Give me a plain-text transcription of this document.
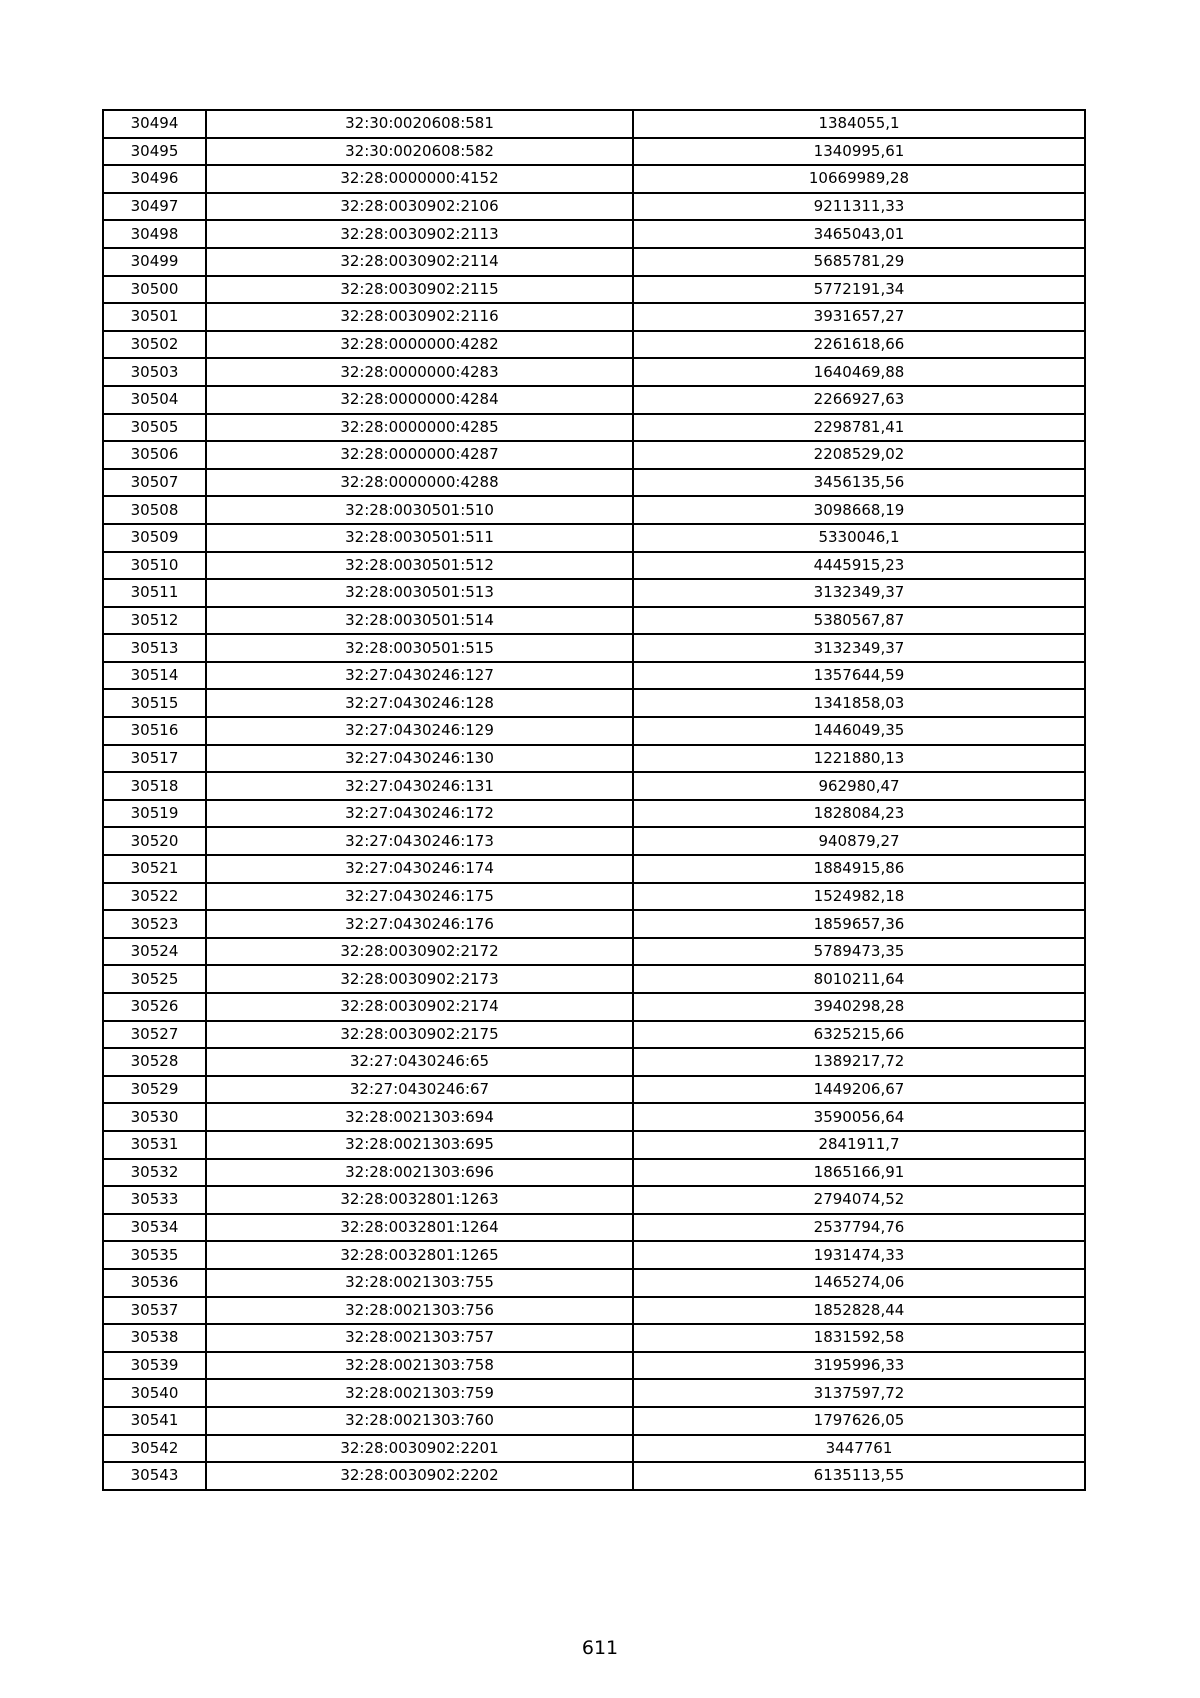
30494	32:30:0020608:581	1384055,1
30495	32:30:0020608:582	1340995,61
30496	32:28:0000000:4152	10669989,28
30497	32:28:0030902:2106	9211311,33
30498	32:28:0030902:2113	3465043,01
30499	32:28:0030902:2114	5685781,29
30500	32:28:0030902:2115	5772191,34
30501	32:28:0030902:2116	3931657,27
30502	32:28:0000000:4282	2261618,66
30503	32:28:0000000:4283	1640469,88
30504	32:28:0000000:4284	2266927,63
30505	32:28:0000000:4285	2298781,41
30506	32:28:0000000:4287	2208529,02
30507	32:28:0000000:4288	3456135,56
30508	32:28:0030501:510	3098668,19
30509	32:28:0030501:511	5330046,1
30510	32:28:0030501:512	4445915,23
30511	32:28:0030501:513	3132349,37
30512	32:28:0030501:514	5380567,87
30513	32:28:0030501:515	3132349,37
30514	32:27:0430246:127	1357644,59
30515	32:27:0430246:128	1341858,03
30516	32:27:0430246:129	1446049,35
30517	32:27:0430246:130	1221880,13
30518	32:27:0430246:131	962980,47
30519	32:27:0430246:172	1828084,23
30520	32:27:0430246:173	940879,27
30521	32:27:0430246:174	1884915,86
30522	32:27:0430246:175	1524982,18
30523	32:27:0430246:176	1859657,36
30524	32:28:0030902:2172	5789473,35
30525	32:28:0030902:2173	8010211,64
30526	32:28:0030902:2174	3940298,28
30527	32:28:0030902:2175	6325215,66
30528	32:27:0430246:65	1389217,72
30529	32:27:0430246:67	1449206,67
30530	32:28:0021303:694	3590056,64
30531	32:28:0021303:695	2841911,7
30532	32:28:0021303:696	1865166,91
30533	32:28:0032801:1263	2794074,52
30534	32:28:0032801:1264	2537794,76
30535	32:28:0032801:1265	1931474,33
30536	32:28:0021303:755	1465274,06
30537	32:28:0021303:756	1852828,44
30538	32:28:0021303:757	1831592,58
30539	32:28:0021303:758	3195996,33
30540	32:28:0021303:759	3137597,72
30541	32:28:0021303:760	1797626,05
30542	32:28:0030902:2201	3447761
30543	32:28:0030902:2202	6135113,55
611
